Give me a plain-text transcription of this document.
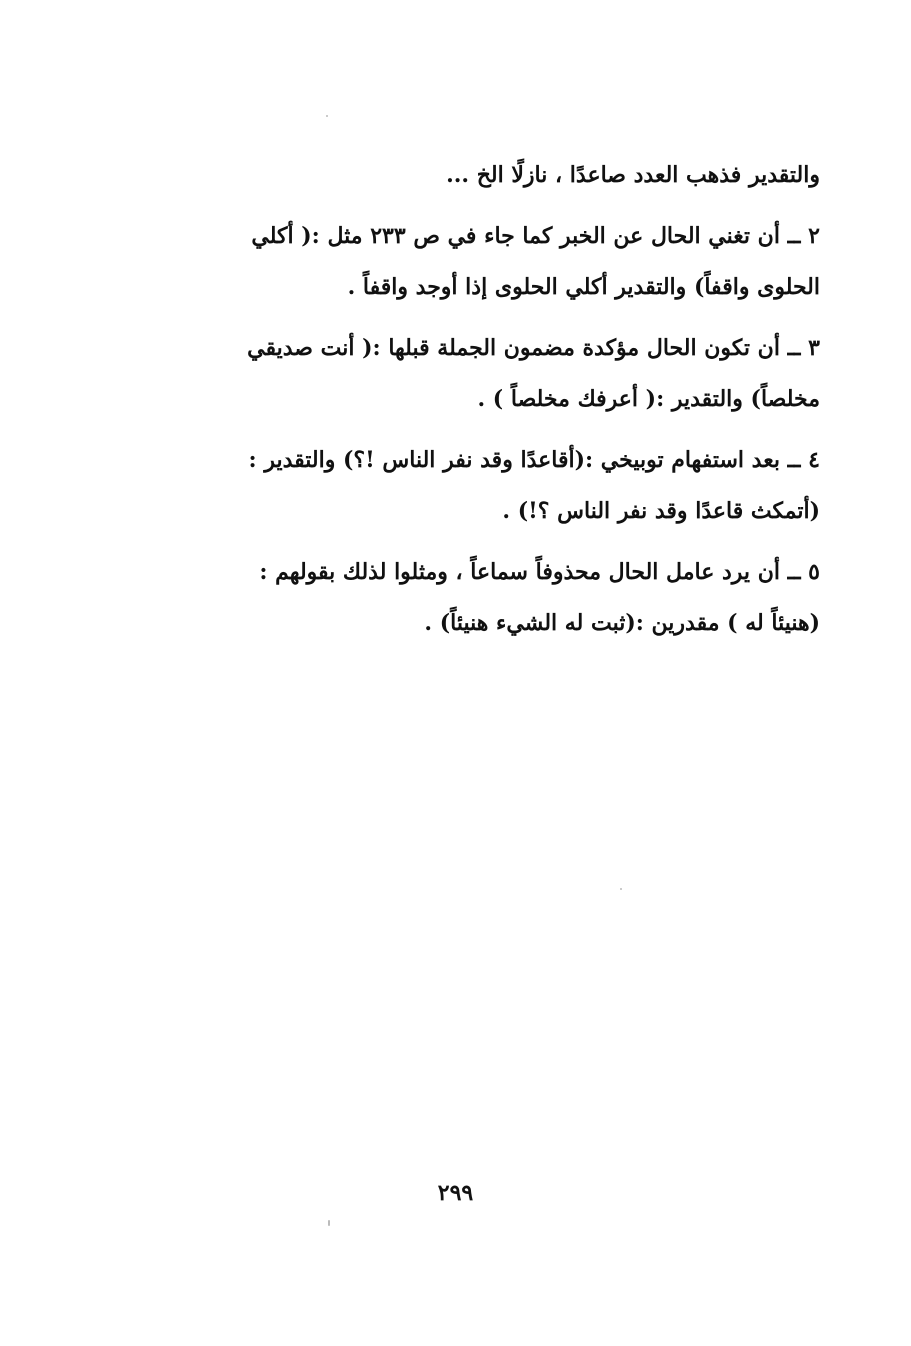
والتقدير فذهب العدد صاعدًا ، نازلًا الخ ...
٢ ــ أن تغني الحال عن الخبر كما جاء في ص ٢٣٣ مثل :( أكلي
الحلوى واقفاً) والتقدير أكلي الحلوى إذا أوجد واقفاً .
٣ ــ أن تكون الحال مؤكدة مضمون الجملة قبلها :( أنت صديقي
مخلصاً) والتقدير :( أعرفك مخلصاً ) .
٤ ــ بعد استفهام توبيخي :(أقاعدًا وقد نفر الناس !؟) والتقدير :
(أتمكث قاعدًا وقد نفر الناس ؟!) .
٥ ــ أن يرد عامل الحال محذوفاً سماعاً ، ومثلوا لذلك بقولهم :
(هنيئاً له ) مقدرين :(ثبت له الشيء هنيئاً) .
٢٩٩
